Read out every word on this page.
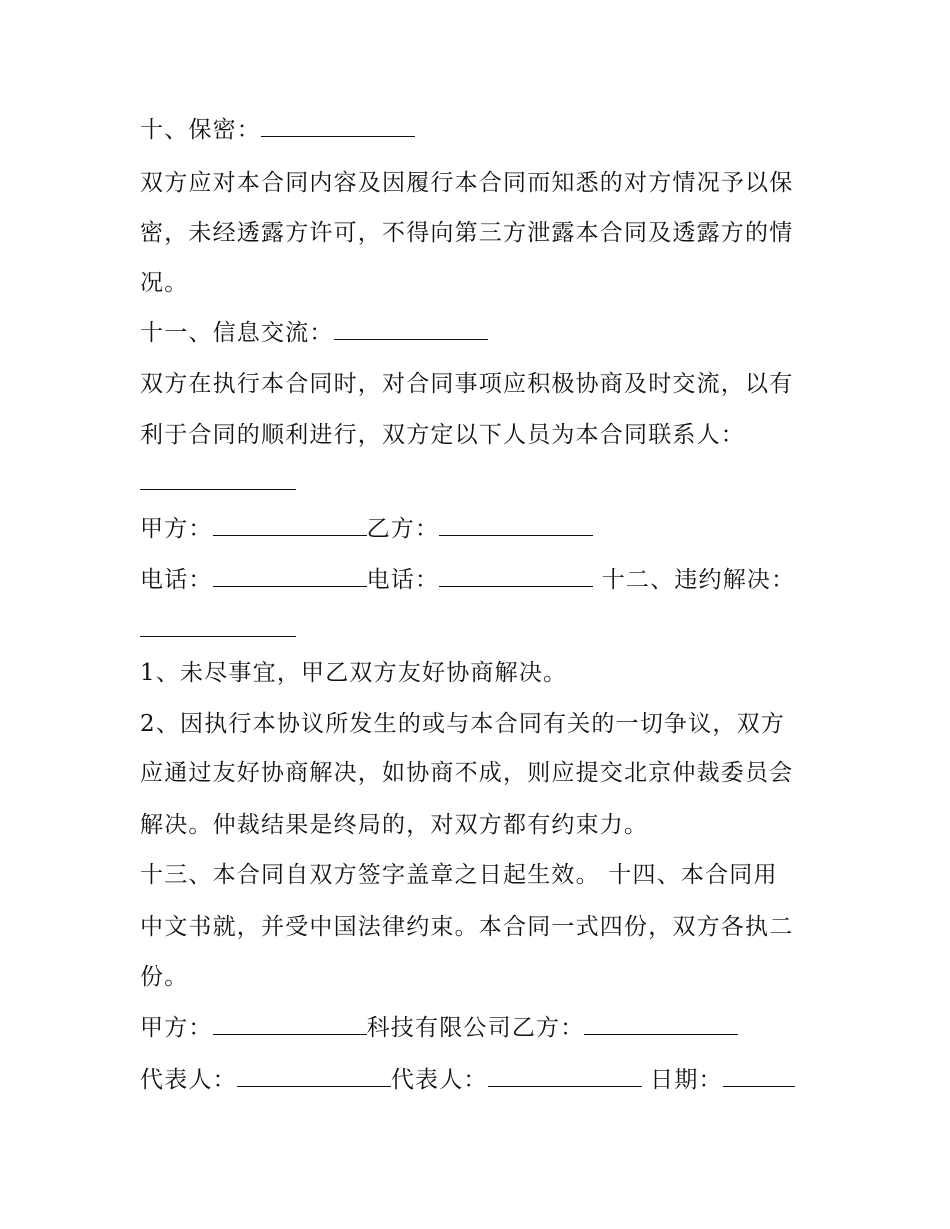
十、保密：
双方应对本合同内容及因履行本合同而知悉的对方情况予以保
密，未经透露方许可，不得向第三方泄露本合同及透露方的情
况。
十一、信息交流：
双方在执行本合同时，对合同事项应积极协商及时交流，以有
利于合同的顺利进行，双方定以下人员为本合同联系人：
甲方：	乙方：
电话：	电话：	十二、违约解决：
1、未尽事宜，甲乙双方友好协商解决。
2、因执行本协议所发生的或与本合同有关的一切争议，双方
应通过友好协商解决，如协商不成，则应提交北京仲裁委员会
解决。仲裁结果是终局的，对双方都有约束力。
十三、本合同自双方签字盖章之日起生效。 十四、本合同用
中文书就，并受中国法律约束。本合同一式四份，双方各执二
份。
甲方：	科技有限公司乙方：
代表人：	代表人：	日期：
